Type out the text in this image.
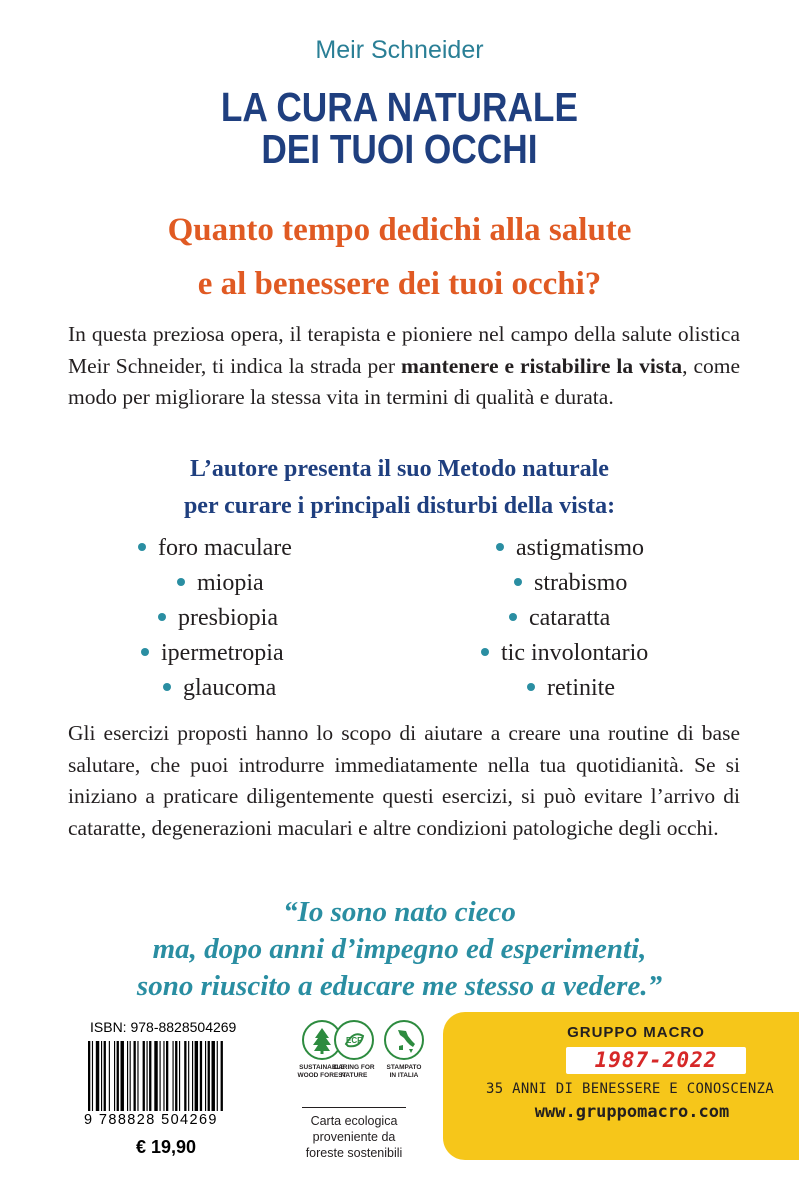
Meir Schneider
LA CURA NATURALE
DEI TUOI OCCHI
Quanto tempo dedichi alla salute
e al benessere dei tuoi occhi?
In questa preziosa opera, il terapista e pioniere nel campo della salute olistica Meir Schneider, ti indica la strada per mantenere e ristabilire la vista, come modo per migliorare la stessa vita in termini di qualità e durata.
L’autore presenta il suo Metodo naturale
per curare i principali disturbi della vista:
foro maculare
miopia
presbiopia
ipermetropia
glaucoma
astigmatismo
strabismo
cataratta
tic involontario
retinite
Gli esercizi proposti hanno lo scopo di aiutare a creare una routine di base salutare, che puoi introdurre immediatamente nella tua quotidianità. Se si iniziano a praticare diligentemente questi esercizi, si può evitare l’arrivo di cataratte, degenerazioni maculari e altre condizioni patologiche degli occhi.
“Io sono nato cieco
ma, dopo anni d’impegno ed esperimenti,
sono riuscito a educare me stesso a vedere.”
ISBN: 978-8828504269
9 788828 504269
€ 19,90
SUSTAINABLE
WOOD FOREST
ECF
CARING FOR
NATURE
STAMPATO
IN ITALIA
Carta ecologica
proveniente da
foreste sostenibili
GRUPPO MACRO
1987-2022
35 ANNI DI BENESSERE E CONOSCENZA
www.gruppomacro.com
